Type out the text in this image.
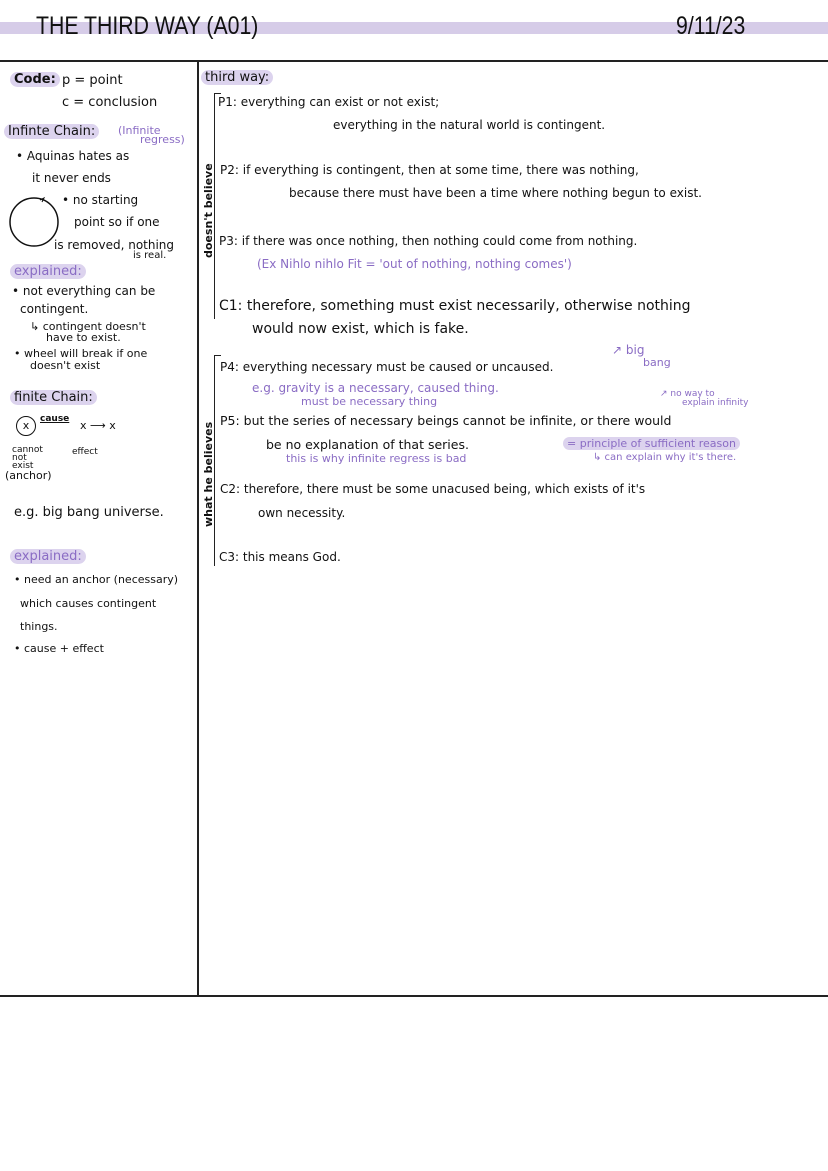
THE THIRD WAY (A01)	9/11/23
Code: p = point
c = conclusion
Infinte Chain:	(Infinite
regress)
• Aquinas hates as
it never ends
• no starting
point so if one
is removed, nothing
is real.
explained:
• not everything can be
contingent.
↳ contingent doesn't
have to exist.
• wheel will break if one
doesn't exist
finite Chain:
x	cause x ⟶ x
cannot
not
exist
(anchor)
effect
e.g. big bang universe.
explained:
• need an anchor (necessary)
which causes contingent
things.
• cause + effect
third way:
doesn't believe
what he believes
P1: everything can exist or not exist;
everything in the natural world is contingent.
P2: if everything is contingent, then at some time, there was nothing,
because there must have been a time where nothing begun to exist.
P3: if there was once nothing, then nothing could come from nothing.
(Ex Nihlo nihlo Fit = 'out of nothing, nothing comes')
C1: therefore, something must exist necessarily, otherwise nothing
would now exist, which is fake.
P4: everything necessary must be caused or uncaused.
↗ big
bang
e.g. gravity is a necessary, caused thing.
must be necessary thing
↗ no way to
explain infinity
P5: but the series of necessary beings cannot be infinite, or there would
be no explanation of that series.
this is why infinite regress is bad
= principle of sufficient reason
↳ can explain why it's there.
C2: therefore, there must be some unacused being, which exists of it's
own necessity.
C3: this means God.
